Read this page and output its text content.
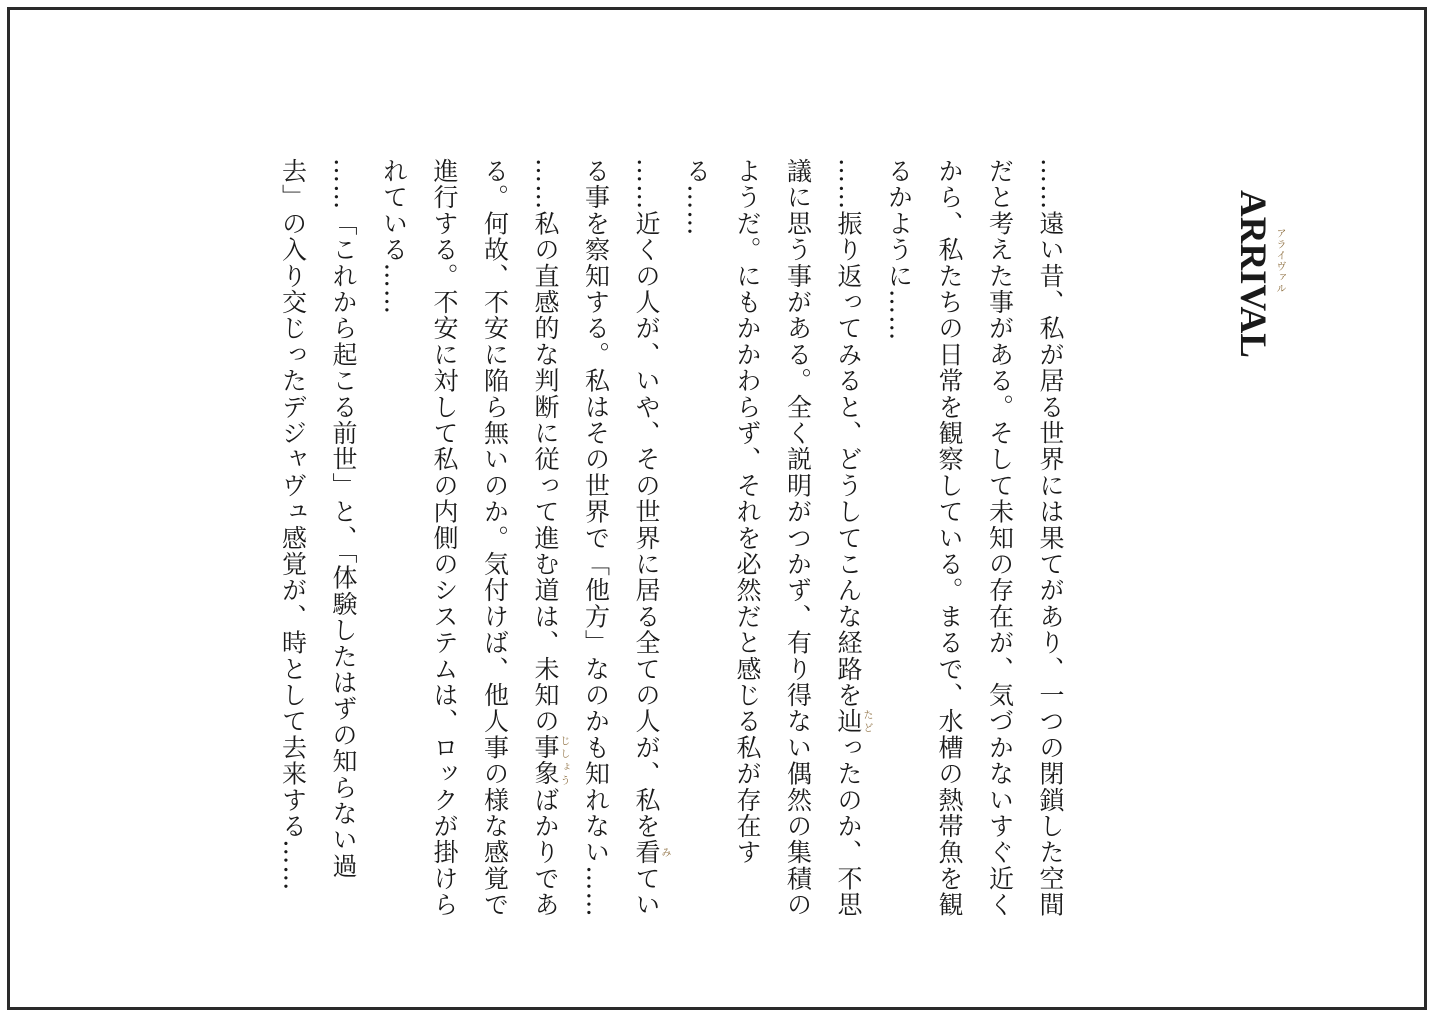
ARRIVAL アライヴァル

……遠い昔、私が居る世界には果てがあり、一つの閉鎖した空間だと考えた事がある。そして未知の存在が、気づかないすぐ近くから、私たちの日常を観察している。まるで、水槽の熱帯魚を観るかように……

……振り返ってみると、どうしてこんな経路を辿たどったのか、不思議に思う事がある。全く説明がつかず、有り得ない偶然の集積のようだ。にもかかわらず、それを必然だと感じる私が存在する……

……近くの人が、いや、その世界に居る全ての人が、私を看みている事を察知する。私はその世界で「他方」なのかも知れない……

……私の直感的な判断に従って進む道は、未知の事象じしょうばかりである。何故、不安に陥ら無いのか。気付けば、他人事の様な感覚で進行する。不安に対して私の内側のシステムは、ロックが掛けられている……

……「これから起こる前世」と、「体験したはずの知らない過去」の入り交じったデジャヴュ感覚が、時として去来する……
